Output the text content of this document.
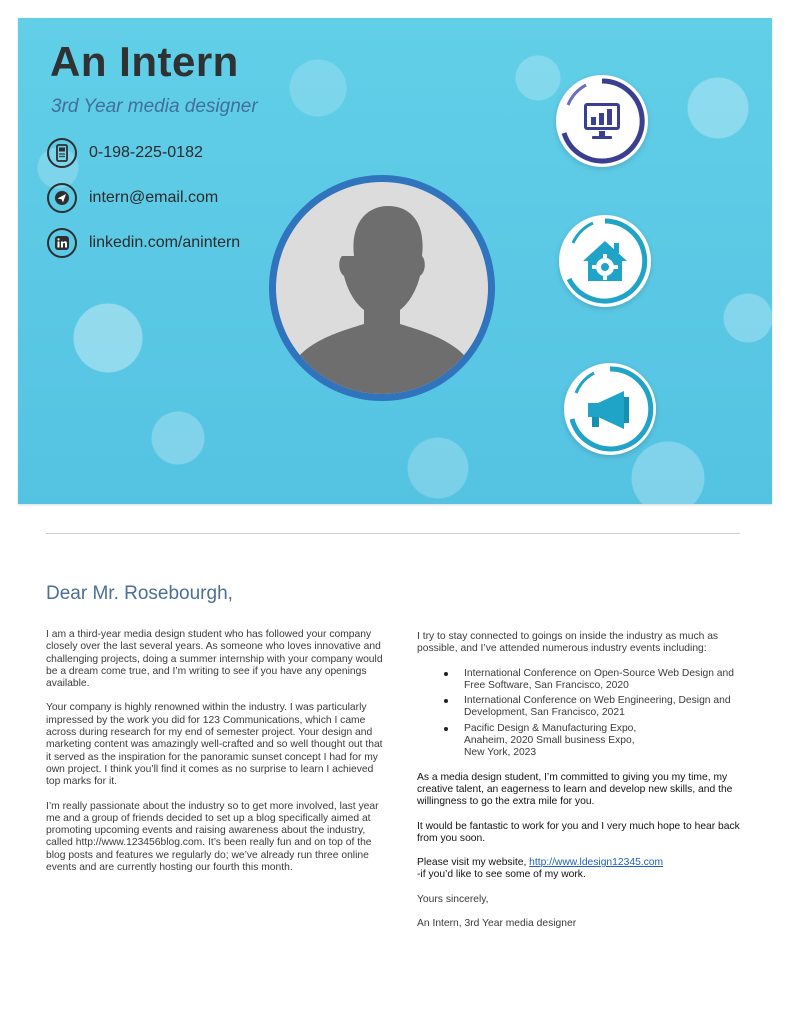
An Intern

3rd Year media designer

0-198-225-0182
intern@email.com
linkedin.com/anintern
Dear Mr. Rosebourgh,

I am a third-year media design student who has followed your company closely over the last several years. As someone who loves innovative and challenging projects, doing a summer internship with your company would be a dream come true, and I’m writing to see if you have any openings available.

Your company is highly renowned within the industry. I was particularly impressed by the work you did for 123 Communications, which I came across during research for my end of semester project. Your design and marketing content was amazingly well-crafted and so well thought out that it served as the inspiration for the panoramic sunset concept I had for my own project. I think you’ll find it comes as no surprise to learn I achieved top marks for it.

I’m really passionate about the industry so to get more involved, last year me and a group of friends decided to set up a blog specifically aimed at promoting upcoming events and raising awareness about the industry, called http://www.123456blog.com. It’s been really fun and on top of the blog posts and features we regularly do; we’ve already run three online events and are currently hosting our fourth this month.

I try to stay connected to goings on inside the industry as much as possible, and I’ve attended numerous industry events including:

International Conference on Open-Source Web Design and Free Software, San Francisco, 2020
International Conference on Web Engineering, Design and Development, San Francisco, 2021
Pacific Design & Manufacturing Expo,
Anaheim, 2020 Small business Expo,
New York, 2023

As a media design student, I’m committed to giving you my time, my creative talent, an eagerness to learn and develop new skills, and the willingness to go the extra mile for you.

It would be fantastic to work for you and I very much hope to hear back from you soon.

Please visit my website, http://www.ldesign12345.com
-if you’d like to see some of my work.

Yours sincerely,

An Intern, 3rd Year media designer
